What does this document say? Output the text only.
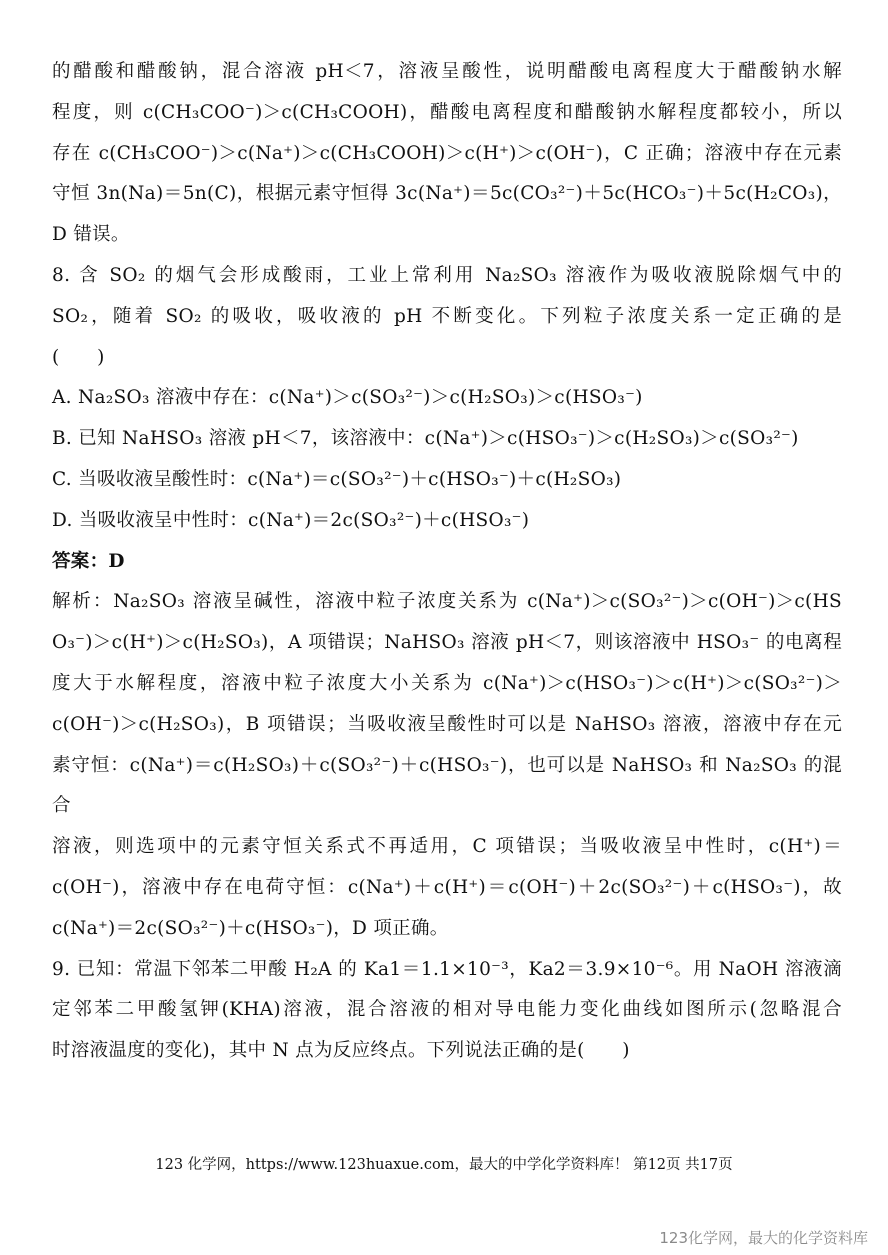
的醋酸和醋酸钠，混合溶液 pH＜7，溶液呈酸性，说明醋酸电离程度大于醋酸钠水解
程度，则 c(CH₃COO⁻)＞c(CH₃COOH)，醋酸电离程度和醋酸钠水解程度都较小，所以
存在 c(CH₃COO⁻)＞c(Na⁺)＞c(CH₃COOH)＞c(H⁺)＞c(OH⁻)，C 正确；溶液中存在元素
守恒 3n(Na)＝5n(C)，根据元素守恒得 3c(Na⁺)＝5c(CO₃²⁻)＋5c(HCO₃⁻)＋5c(H₂CO₃)，
D 错误。
8. 含 SO₂ 的烟气会形成酸雨，工业上常利用 Na₂SO₃ 溶液作为吸收液脱除烟气中的
SO₂，随着 SO₂ 的吸收，吸收液的 pH 不断变化。下列粒子浓度关系一定正确的是
(　　)
A. Na₂SO₃ 溶液中存在：c(Na⁺)＞c(SO₃²⁻)＞c(H₂SO₃)＞c(HSO₃⁻)
B. 已知 NaHSO₃ 溶液 pH＜7，该溶液中：c(Na⁺)＞c(HSO₃⁻)＞c(H₂SO₃)＞c(SO₃²⁻)
C. 当吸收液呈酸性时：c(Na⁺)＝c(SO₃²⁻)＋c(HSO₃⁻)＋c(H₂SO₃)
D. 当吸收液呈中性时：c(Na⁺)＝2c(SO₃²⁻)＋c(HSO₃⁻)
答案：D
解析：Na₂SO₃ 溶液呈碱性，溶液中粒子浓度关系为 c(Na⁺)＞c(SO₃²⁻)＞c(OH⁻)＞c(HS
O₃⁻)＞c(H⁺)＞c(H₂SO₃)，A 项错误；NaHSO₃ 溶液 pH＜7，则该溶液中 HSO₃⁻ 的电离程
度大于水解程度，溶液中粒子浓度大小关系为 c(Na⁺)＞c(HSO₃⁻)＞c(H⁺)＞c(SO₃²⁻)＞
c(OH⁻)＞c(H₂SO₃)，B 项错误；当吸收液呈酸性时可以是 NaHSO₃ 溶液，溶液中存在元
素守恒：c(Na⁺)＝c(H₂SO₃)＋c(SO₃²⁻)＋c(HSO₃⁻)，也可以是 NaHSO₃ 和 Na₂SO₃ 的混合
溶液，则选项中的元素守恒关系式不再适用，C 项错误；当吸收液呈中性时，c(H⁺)＝
c(OH⁻)，溶液中存在电荷守恒：c(Na⁺)＋c(H⁺)＝c(OH⁻)＋2c(SO₃²⁻)＋c(HSO₃⁻)，故
c(Na⁺)＝2c(SO₃²⁻)＋c(HSO₃⁻)，D 项正确。
9. 已知：常温下邻苯二甲酸 H₂A 的 Ka1＝1.1×10⁻³，Ka2＝3.9×10⁻⁶。用 NaOH 溶液滴
定邻苯二甲酸氢钾(KHA)溶液，混合溶液的相对导电能力变化曲线如图所示(忽略混合
时溶液温度的变化)，其中 N 点为反应终点。下列说法正确的是(　　)
123 化学网，https://www.123huaxue.com，最大的中学化学资料库！ 第12页 共17页
123化学网，最大的化学资料库
